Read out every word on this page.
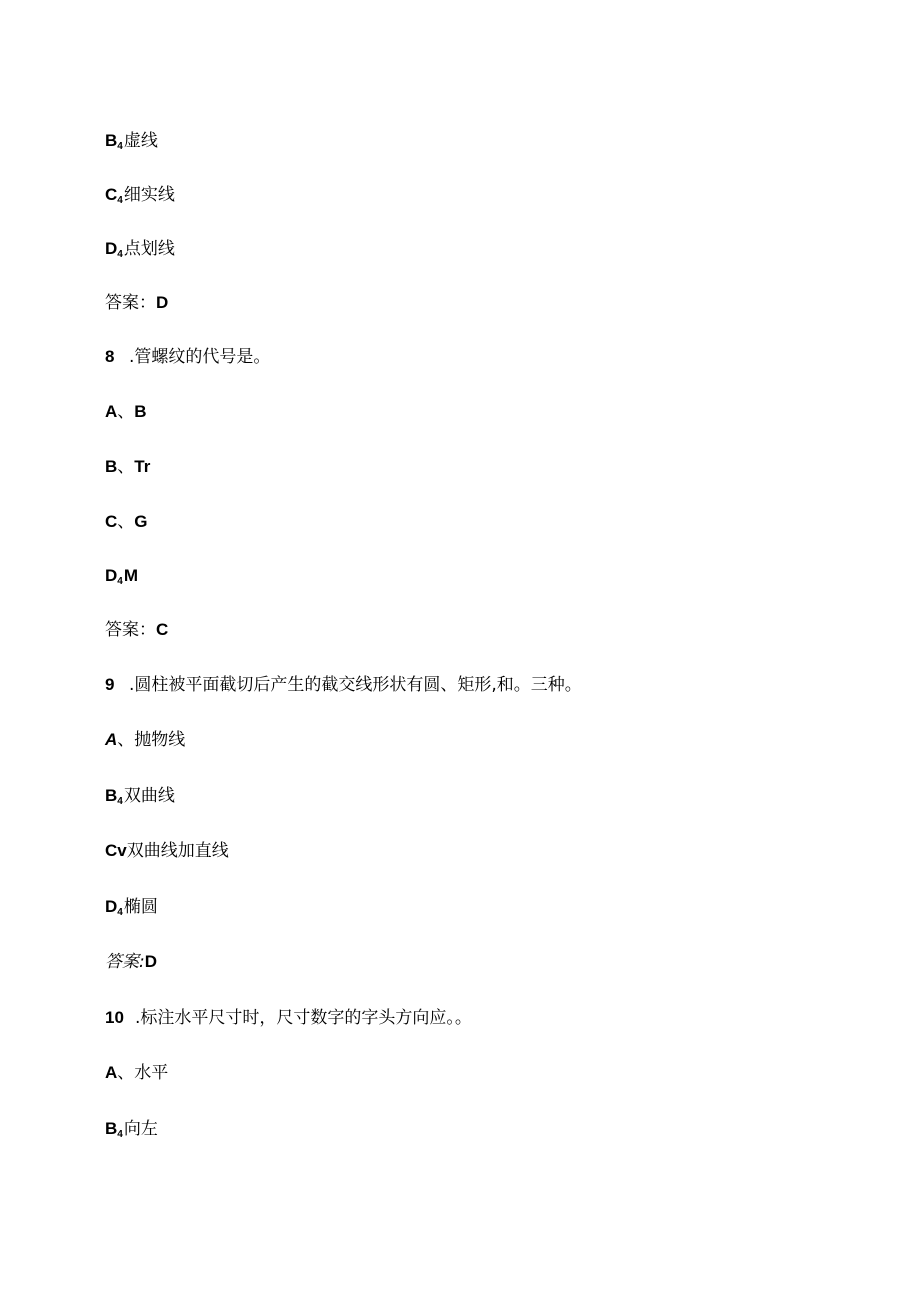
B4虚线
C4细实线
D4点划线
答案：D
8 .管螺纹的代号是。
A、B
B、Tr
C、G
D4M
答案：C
9 .圆柱被平面截切后产生的截交线形状有圆、矩形,和。三种。
A、抛物线
B4双曲线
Cv双曲线加直线
D4椭圆
答案:D
10 .标注水平尺寸时，尺寸数字的字头方向应。。
A、水平
B4向左
